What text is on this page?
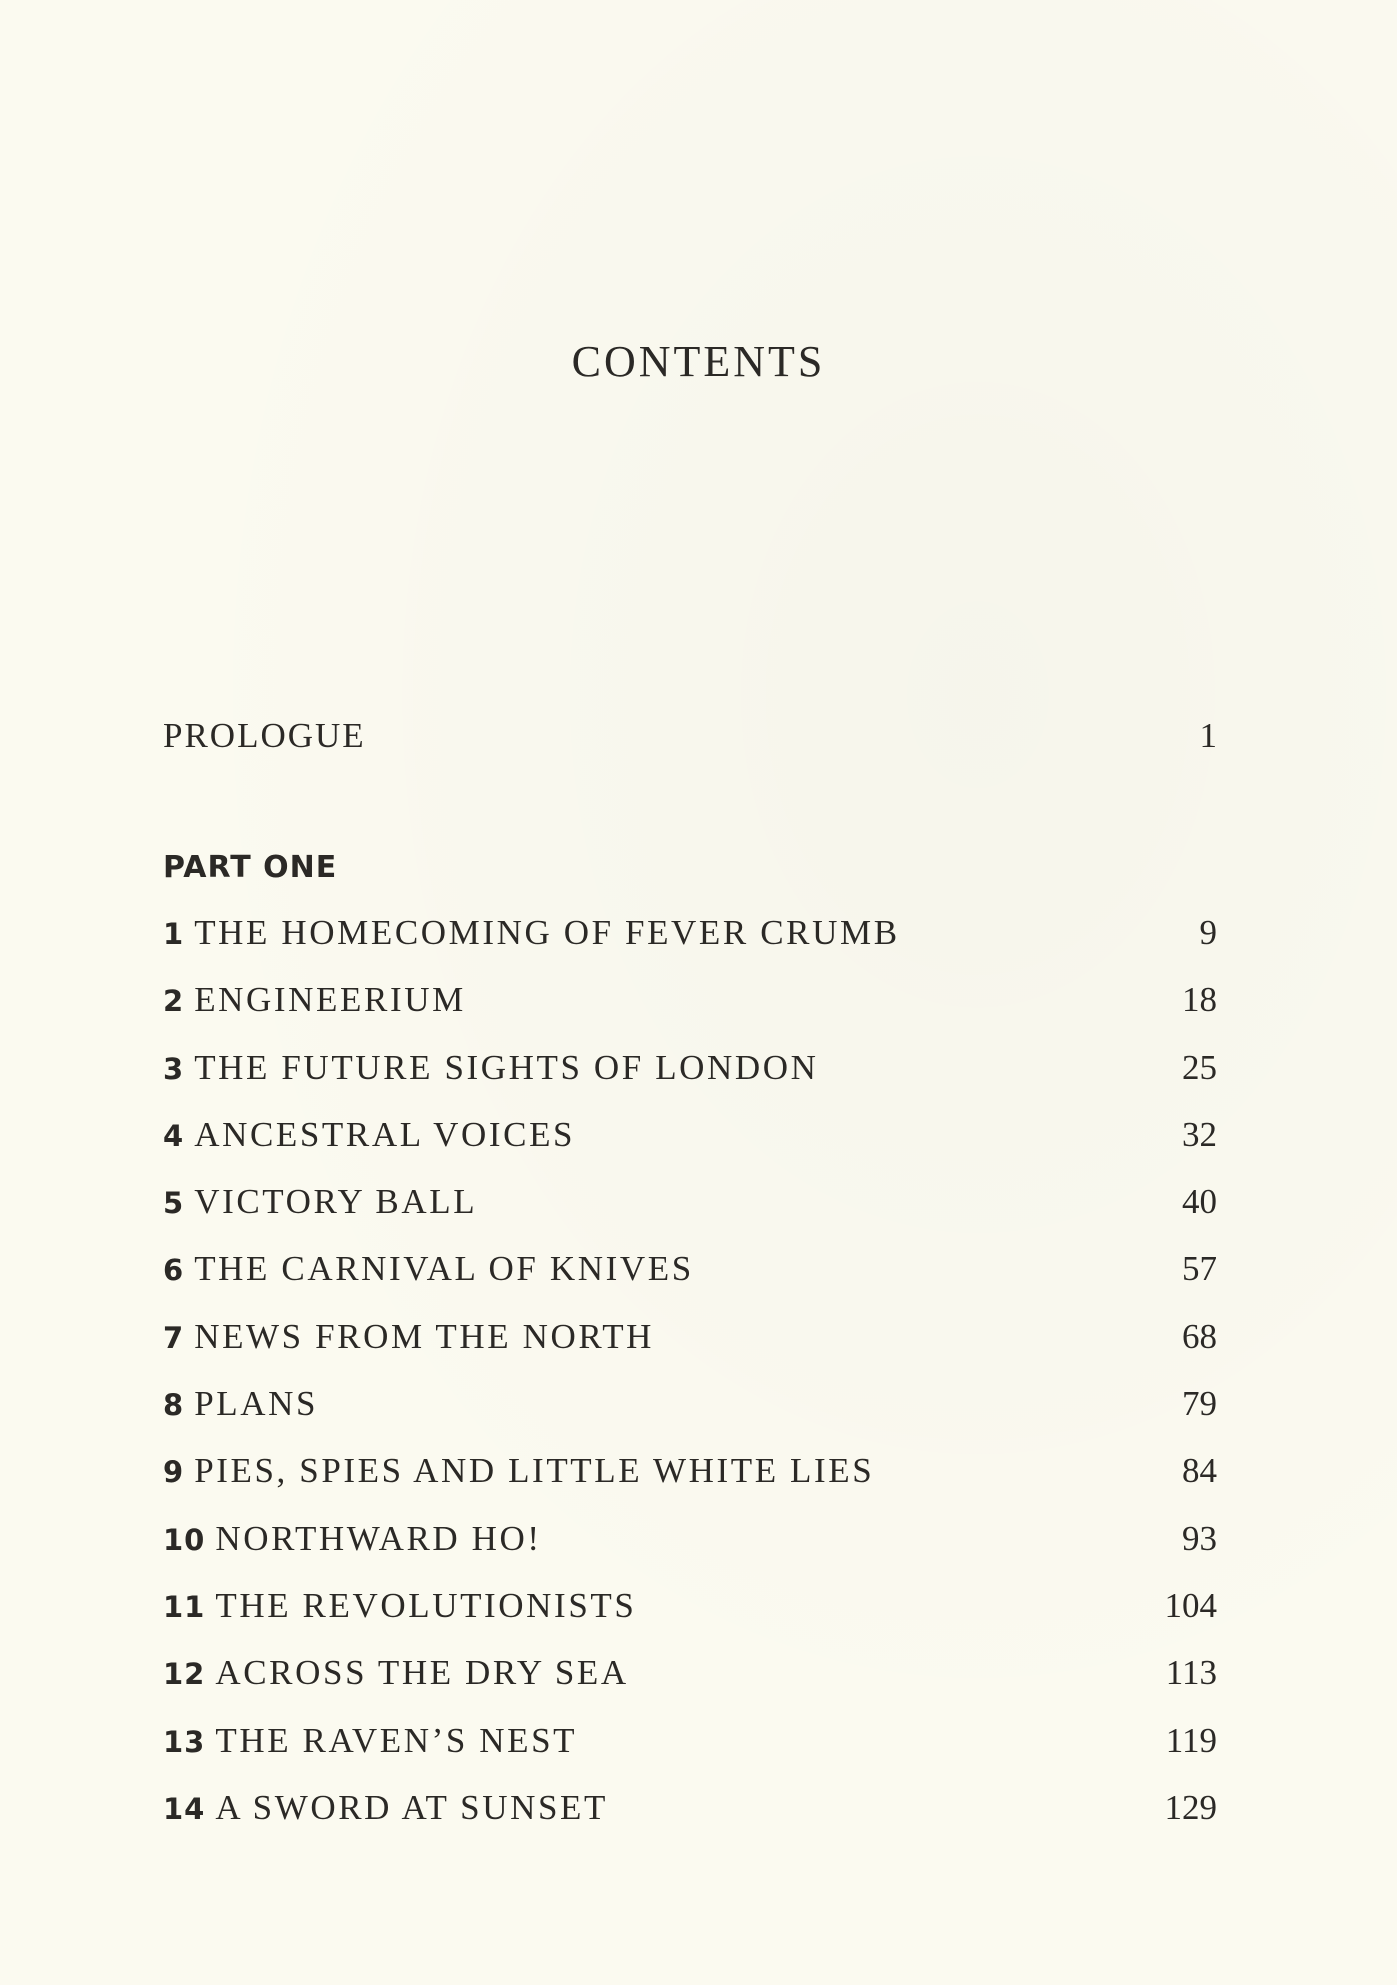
CONTENTS
PROLOGUE	1
PART ONE
1 THE HOMECOMING OF FEVER CRUMB	9
2 ENGINEERIUM	18
3 THE FUTURE SIGHTS OF LONDON	25
4 ANCESTRAL VOICES	32
5 VICTORY BALL	40
6 THE CARNIVAL OF KNIVES	57
7 NEWS FROM THE NORTH	68
8 PLANS	79
9 PIES, SPIES AND LITTLE WHITE LIES	84
10 NORTHWARD HO!	93
11 THE REVOLUTIONISTS	104
12 ACROSS THE DRY SEA	113
13 THE RAVEN’S NEST	119
14 A SWORD AT SUNSET	129
